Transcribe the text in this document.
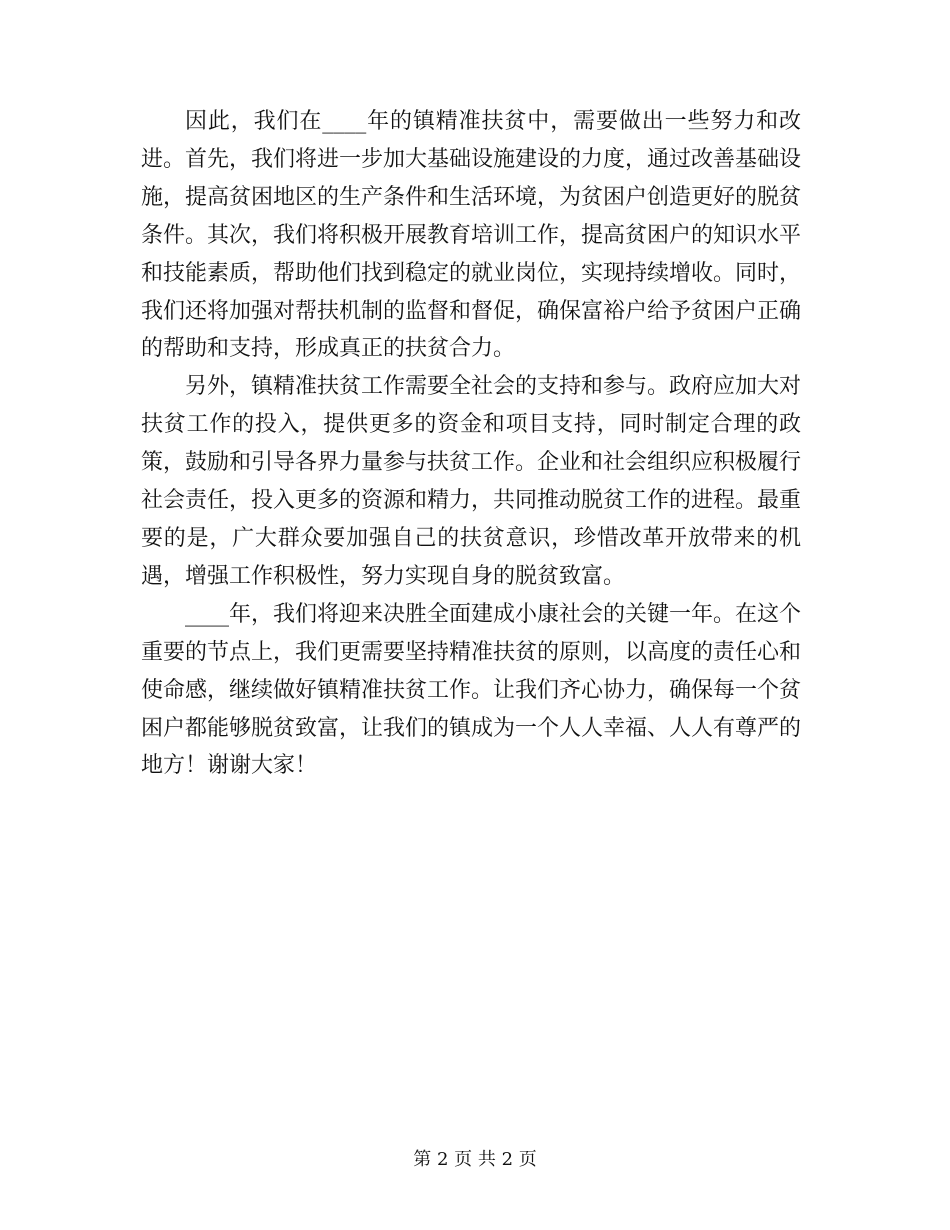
因此，我们在____年的镇精准扶贫中，需要做出一些努力和改进。首先，我们将进一步加大基础设施建设的力度，通过改善基础设施，提高贫困地区的生产条件和生活环境，为贫困户创造更好的脱贫条件。其次，我们将积极开展教育培训工作，提高贫困户的知识水平和技能素质，帮助他们找到稳定的就业岗位，实现持续增收。同时，我们还将加强对帮扶机制的监督和督促，确保富裕户给予贫困户正确的帮助和支持，形成真正的扶贫合力。

另外，镇精准扶贫工作需要全社会的支持和参与。政府应加大对扶贫工作的投入，提供更多的资金和项目支持，同时制定合理的政策，鼓励和引导各界力量参与扶贫工作。企业和社会组织应积极履行社会责任，投入更多的资源和精力，共同推动脱贫工作的进程。最重要的是，广大群众要加强自己的扶贫意识，珍惜改革开放带来的机遇，增强工作积极性，努力实现自身的脱贫致富。

____年，我们将迎来决胜全面建成小康社会的关键一年。在这个重要的节点上，我们更需要坚持精准扶贫的原则，以高度的责任心和使命感，继续做好镇精准扶贫工作。让我们齐心协力，确保每一个贫困户都能够脱贫致富，让我们的镇成为一个人人幸福、人人有尊严的地方！谢谢大家！

第 2 页 共 2 页
